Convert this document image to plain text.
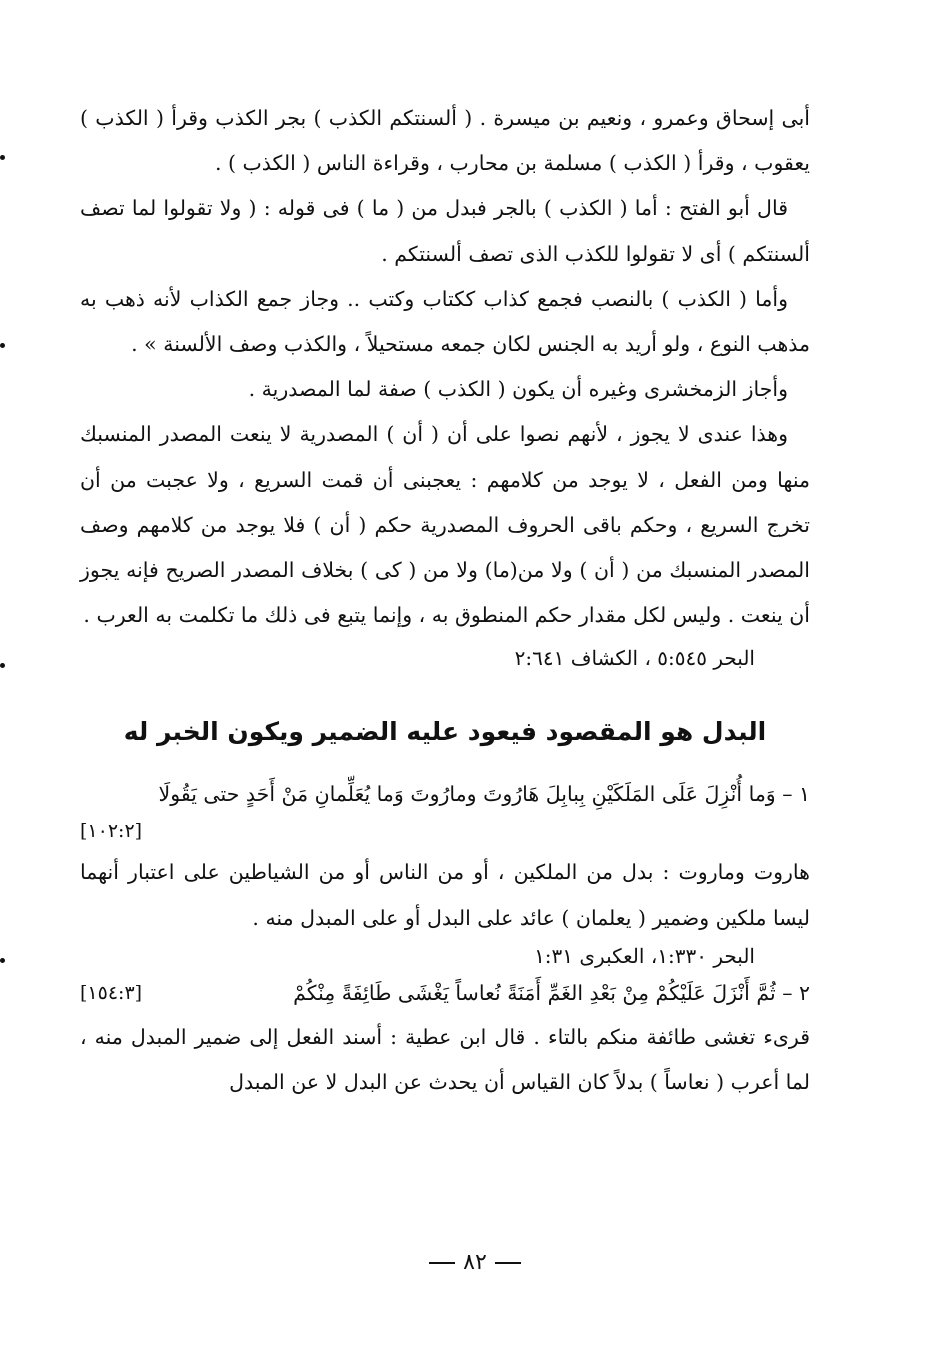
أبى إسحاق وعمرو ، ونعيم بن ميسرة . ( ألسنتكم الكذب ) بجر الكذب وقرأ ( الكذب ) يعقوب ، وقرأ ( الكذب ) مسلمة بن محارب ، وقراءة الناس ( الكذب ) .

قال أبو الفتح : أما ( الكذب ) بالجر فبدل من ( ما ) فى قوله : ( ولا تقولوا لما تصف ألسنتكم ) أى لا تقولوا للكذب الذى تصف ألسنتكم .

وأما ( الكذب ) بالنصب فجمع كذاب ككتاب وكتب .. وجاز جمع الكذاب لأنه ذهب به مذهب النوع ، ولو أريد به الجنس لكان جمعه مستحيلاً ، والكذب وصف الألسنة » .

وأجاز الزمخشرى وغيره أن يكون ( الكذب ) صفة لما المصدرية .

وهذا عندى لا يجوز ، لأنهم نصوا على أن ( أن ) المصدرية لا ينعت المصدر المنسبك منها ومن الفعل ، لا يوجد من كلامهم : يعجبنى أن قمت السريع ، ولا عجبت من أن تخرج السريع ، وحكم باقى الحروف المصدرية حكم ( أن ) فلا يوجد من كلامهم وصف المصدر المنسبك من ( أن ) ولا من(ما) ولا من ( كى ) بخلاف المصدر الصريح فإنه يجوز أن ينعت . وليس لكل مقدار حكم المنطوق به ، وإنما يتبع فى ذلك ما تكلمت به العرب .

البحر ٥:٥٤٥ ، الكشاف ٢:٦٤١

البدل هو المقصود فيعود عليه الضمير ويكون الخبر له

١ – وَما أُنْزِلَ عَلَى المَلَكَيْنِ بِبابِلَ هَارُوتَ ومارُوتَ وَما يُعَلِّمانِ مَنْ أَحَدٍ حتى يَقُولَا

[١٠٢:٢]

هاروت وماروت : بدل من الملكين ، أو من الناس أو من الشياطين على اعتبار أنهما ليسا ملكين وضمير ( يعلمان ) عائد على البدل أو على المبدل منه .

البحر ١:٣٣٠، العكبرى ١:٣١

[١٥٤:٣]	٢ – ثُمَّ أَنْزَلَ عَلَيْكُمْ مِنْ بَعْدِ الغَمِّ أَمَنَةً نُعاساً يَغْشَى طَائِفَةً مِنْكُمْ

قرىء تغشى طائفة منكم بالتاء . قال ابن عطية : أسند الفعل إلى ضمير المبدل منه ، لما أعرب ( نعاساً ) بدلاً كان القياس أن يحدث عن البدل لا عن المبدل

٨٢
